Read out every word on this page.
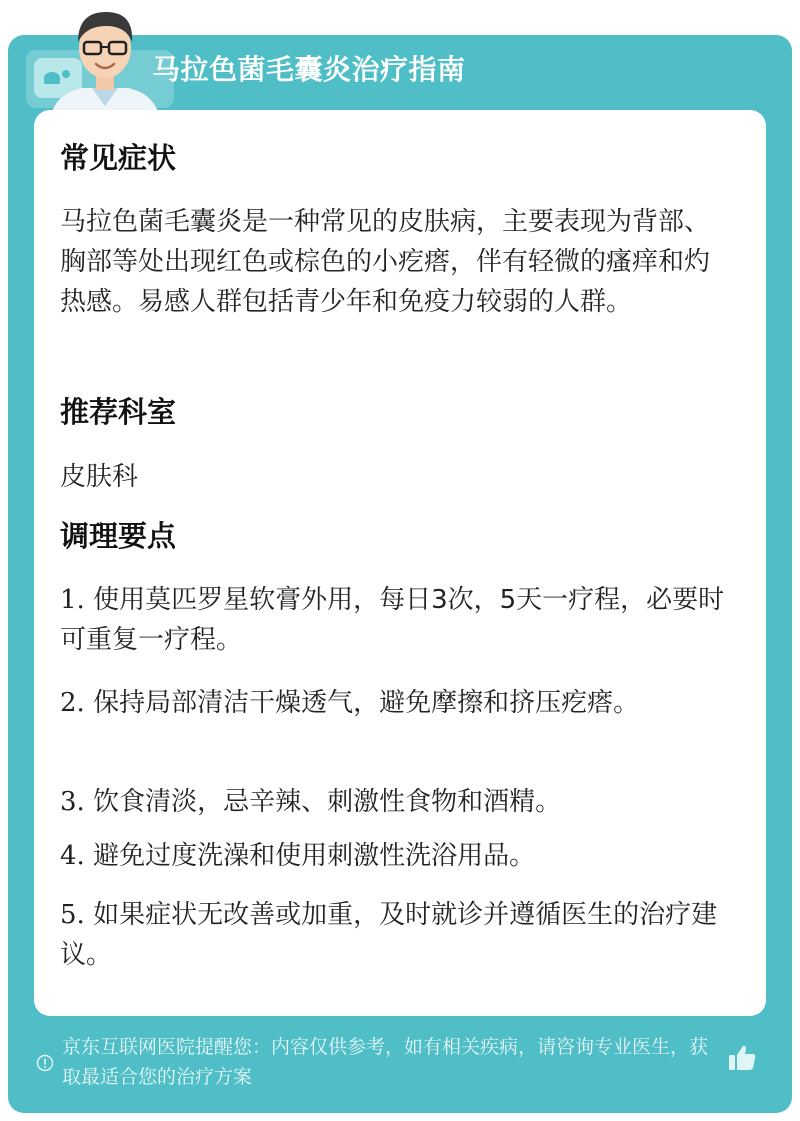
马拉色菌毛囊炎治疗指南
常见症状
马拉色菌毛囊炎是一种常见的皮肤病，主要表现为背部、胸部等处出现红色或棕色的小疙瘩，伴有轻微的瘙痒和灼热感。易感人群包括青少年和免疫力较弱的人群。
推荐科室
皮肤科
调理要点
1. 使用莫匹罗星软膏外用，每日3次，5天一疗程，必要时可重复一疗程。
2. 保持局部清洁干燥透气，避免摩擦和挤压疙瘩。
3. 饮食清淡，忌辛辣、刺激性食物和酒精。
4. 避免过度洗澡和使用刺激性洗浴用品。
5. 如果症状无改善或加重，及时就诊并遵循医生的治疗建议。
京东互联网医院提醒您：内容仅供参考，如有相关疾病，请咨询专业医生，获取最适合您的治疗方案
